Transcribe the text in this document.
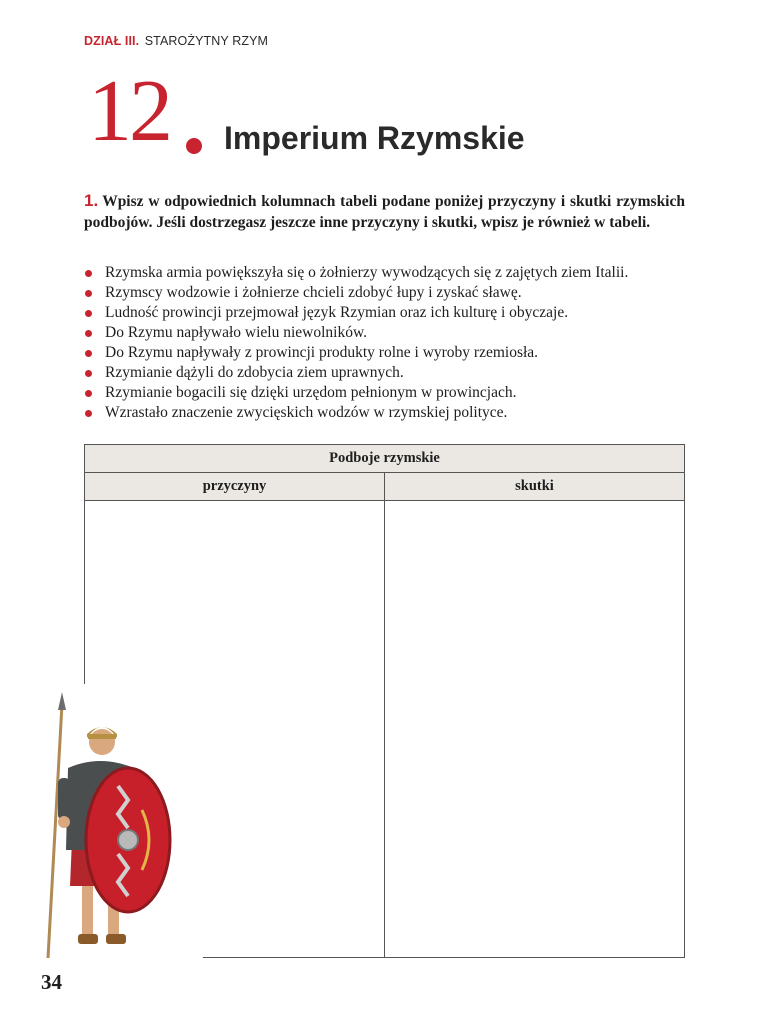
DZIAŁ III. STAROŻYTNY RZYM
12 Imperium Rzymskie
1. Wpisz w odpowiednich kolumnach tabeli podane poniżej przyczyny i skutki rzymskich podbojów. Jeśli dostrzegasz jeszcze inne przyczyny i skutki, wpisz je również w tabeli.
Rzymska armia powiększyła się o żołnierzy wywodzących się z zajętych ziem Italii.
Rzymscy wodzowie i żołnierze chcieli zdobyć łupy i zyskać sławę.
Ludność prowincji przejmował język Rzymian oraz ich kulturę i obyczaje.
Do Rzymu napływało wielu niewolników.
Do Rzymu napływały z prowincji produkty rolne i wyroby rzemiosła.
Rzymianie dążyli do zdobycia ziem uprawnych.
Rzymianie bogacili się dzięki urzędom pełnionym w prowincjach.
Wzrastało znaczenie zwycięskich wodzów w rzymskiej polityce.
Podboje rzymskie
przyczyny	skutki
34
